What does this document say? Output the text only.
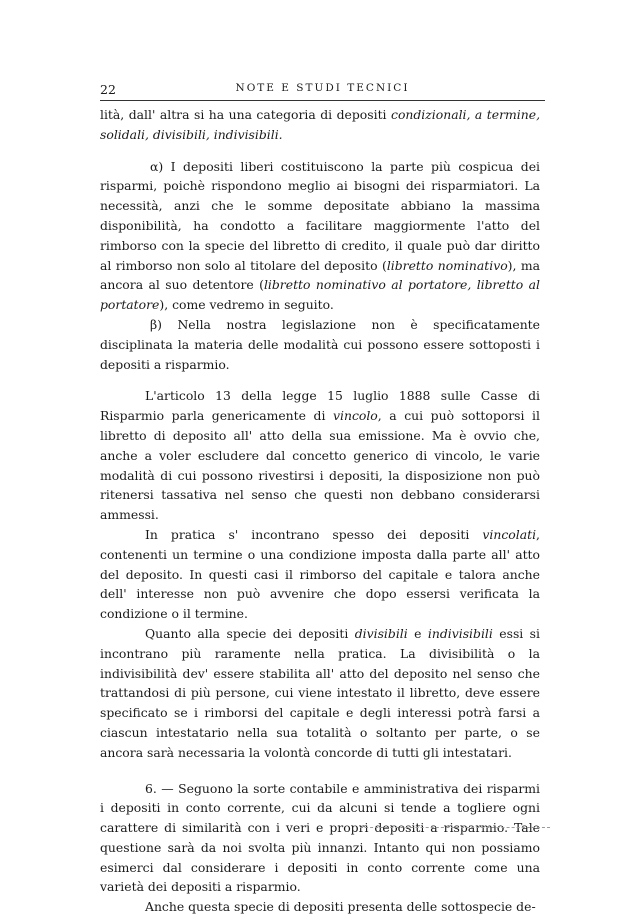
22	NOTE E STUDI TECNICI

lità, dall' altra si ha una categoria di depositi condizionali, a termine, solidali, divisibili, indivisibili.

α) I depositi liberi costituiscono la parte più cospicua dei risparmi, poichè rispondono meglio ai bisogni dei risparmiatori. La necessità, anzi che le somme depositate abbiano la massima disponibilità, ha condotto a facilitare maggiormente l'atto del rimborso con la specie del libretto di credito, il quale può dar diritto al rimborso non solo al titolare del deposito (libretto nominativo), ma ancora al suo detentore (libretto nominativo al portatore, libretto al portatore), come vedremo in seguito.

β) Nella nostra legislazione non è specificatamente disciplinata la materia delle modalità cui possono essere sottoposti i depositi a risparmio.

L'articolo 13 della legge 15 luglio 1888 sulle Casse di Risparmio parla genericamente di vincolo, a cui può sottoporsi il libretto di deposito all' atto della sua emissione. Ma è ovvio che, anche a voler escludere dal concetto generico di vincolo, le varie modalità di cui possono rivestirsi i depositi, la disposizione non può ritenersi tassativa nel senso che questi non debbano considerarsi ammessi.

In pratica s' incontrano spesso dei depositi vincolati, contenenti un termine o una condizione imposta dalla parte all' atto del deposito. In questi casi il rimborso del capitale e talora anche dell' interesse non può avvenire che dopo essersi verificata la condizione o il termine.

Quanto alla specie dei depositi divisibili e indivisibili essi si incontrano più raramente nella pratica. La divisibilità o la indivisibilità dev' essere stabilita all' atto del deposito nel senso che trattandosi di più persone, cui viene intestato il libretto, deve essere specificato se i rimborsi del capitale e degli interessi potrà farsi a ciascun intestatario nella sua totalità o soltanto per parte, o se ancora sarà necessaria la volontà concorde di tutti gli intestatari.

6. — Seguono la sorte contabile e amministrativa dei risparmi i depositi in conto corrente, cui da alcuni si tende a togliere ogni carattere di similarità con i veri e propri depositi a risparmio. Tale questione sarà da noi svolta più innanzi. Intanto qui non possiamo esimerci dal considerare i depositi in conto corrente come una varietà dei depositi a risparmio.

Anche questa specie di depositi presenta delle sottospecie de-
